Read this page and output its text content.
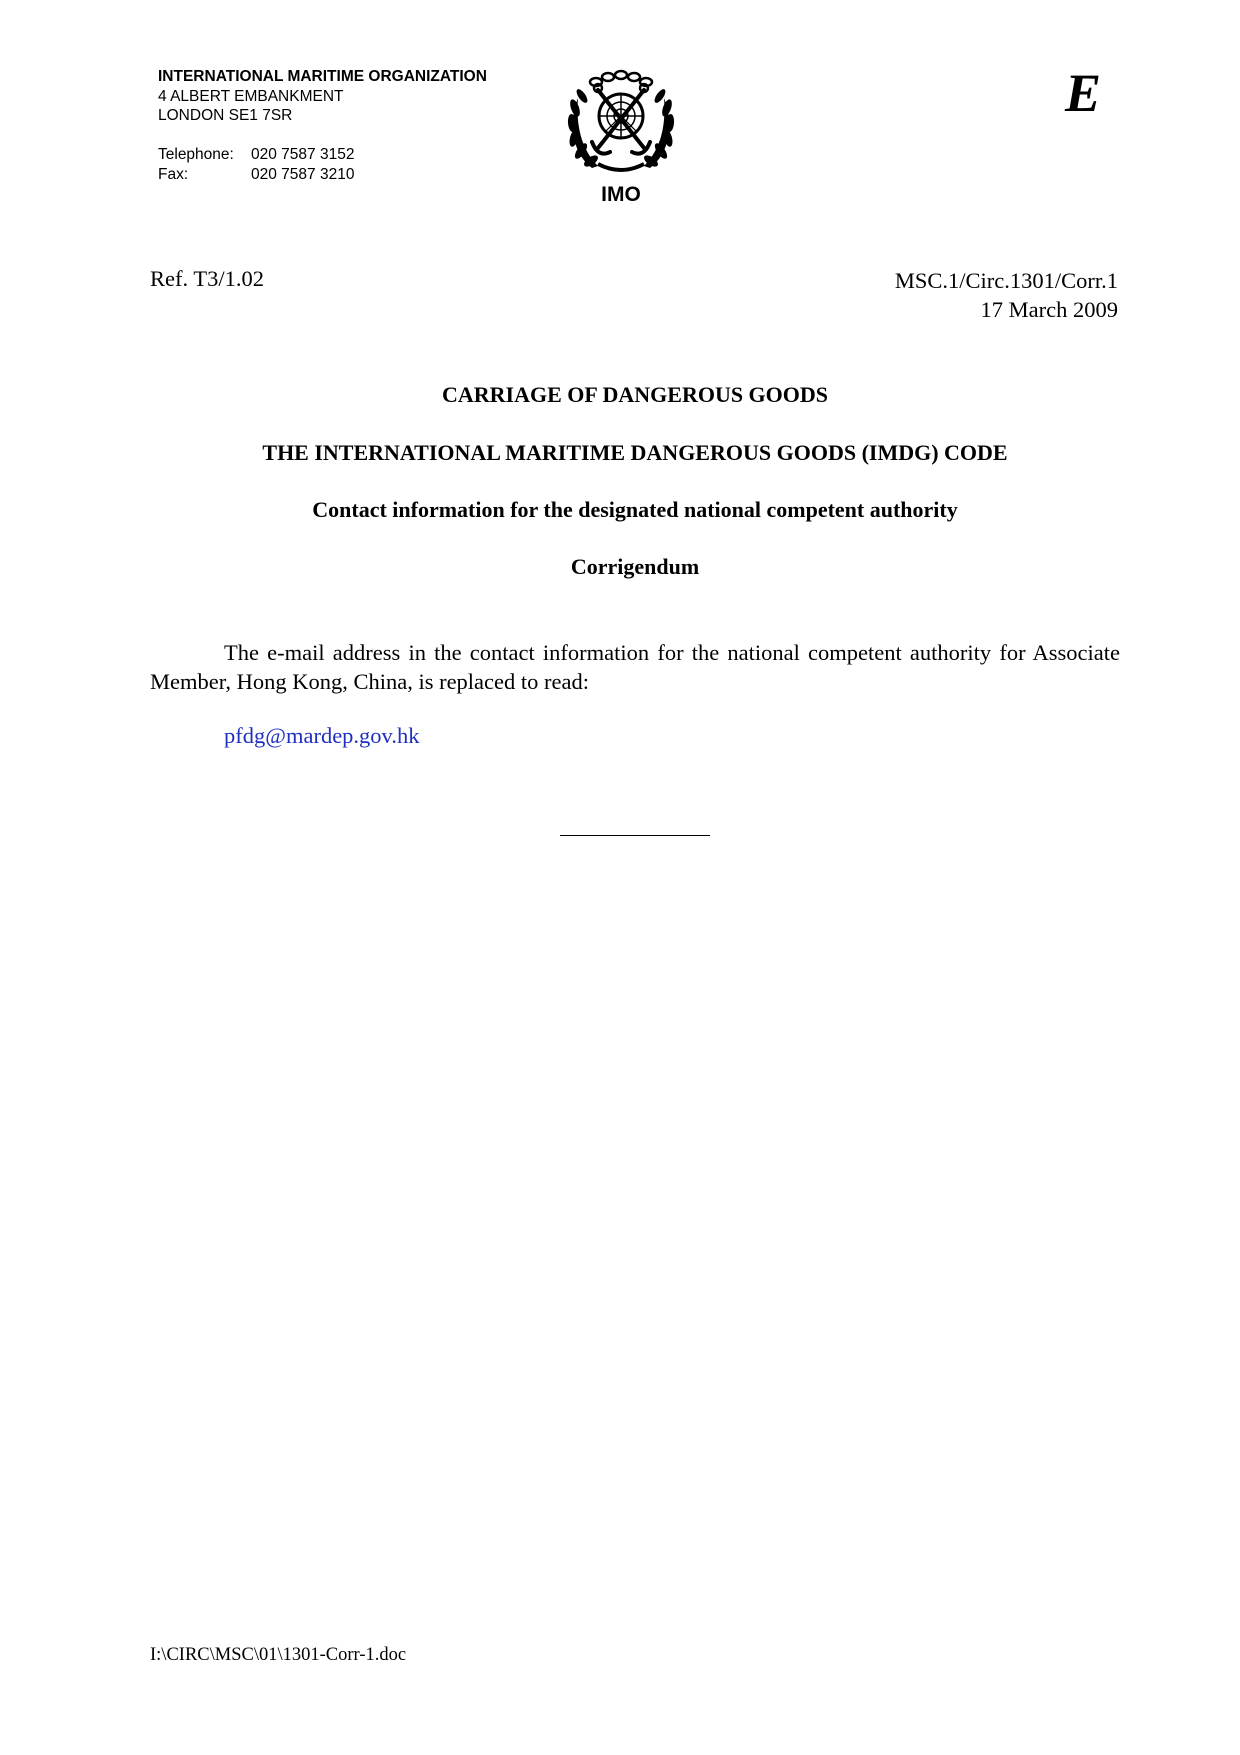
INTERNATIONAL MARITIME ORGANIZATION
4 ALBERT EMBANKMENT
LONDON SE1 7SR
Telephone:	020 7587 3152
Fax:	020 7587 3210
IMO
E
Ref. T3/1.02	MSC.1/Circ.1301/Corr.1
17 March 2009
CARRIAGE OF DANGEROUS GOODS
THE INTERNATIONAL MARITIME DANGEROUS GOODS (IMDG) CODE
Contact information for the designated national competent authority
Corrigendum
The e-mail address in the contact information for the national competent authority for Associate Member, Hong Kong, China, is replaced to read:
pfdg@mardep.gov.hk
I:\CIRC\MSC\01\1301-Corr-1.doc
